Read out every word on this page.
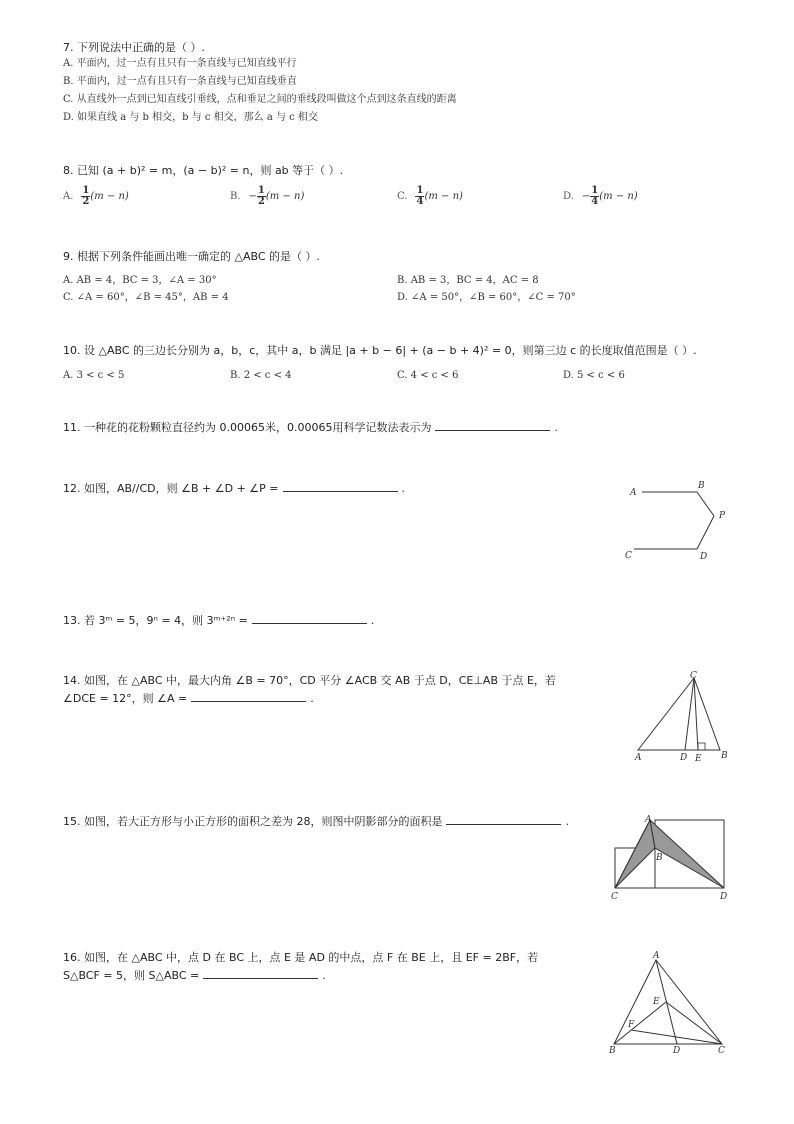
7. 下列说法中正确的是（ ）.
A. 平面内，过一点有且只有一条直线与已知直线平行
B. 平面内，过一点有且只有一条直线与已知直线垂直
C. 从直线外一点到已知直线引垂线，点和垂足之间的垂线段叫做这个点到这条直线的距离
D. 如果直线 a 与 b 相交，b 与 c 相交，那么 a 与 c 相交
8. 已知 (a + b)² = m，(a − b)² = n，则 ab 等于（ ）.
A. $\frac{1}{2} (m - n)$	B. − $\frac{1}{2} (m - n)$	C. $\frac{1}{4} (m - n)$	D. − $\frac{1}{4} (m - n)$
9. 根据下列条件能画出唯一确定的 △ABC 的是（ ）.
A. AB = 4，BC = 3，∠A = 30°	B. AB = 3，BC = 4，AC = 8
C. ∠A = 60°，∠B = 45°，AB = 4	D. ∠A = 50°，∠B = 60°，∠C = 70°
10. 设 △ABC 的三边长分别为 a，b，c，其中 a，b 满足 |a + b − 6| + (a − b + 4)² = 0，则第三边 c 的长度取值范围是（ ）.
A. 3 < c < 5	B. 2 < c < 4	C. 4 < c < 6	D. 5 < c < 6
11. 一种花的花粉颗粒直径约为 0.00065米，0.00065用科学记数法表示为	.
12. 如图，AB//CD，则 ∠B + ∠D + ∠P =	.	A
B
P
C	D
13. 若 3ᵐ = 5，9ⁿ = 4，则 3ᵐ⁺²ⁿ =	.
14. 如图，在 △ABC 中，最大内角 ∠B = 70°，CD 平分 ∠ACB 交 AB 于点 D，CE⊥AB 于点 E，若
∠DCE = 12°，则 ∠A =	.
A
C
D E B
15. 如图，若大正方形与小正方形的面积之差为 28，则图中阴影部分的面积是	.	A
B
C	D
16. 如图，在 △ABC 中，点 D 在 BC 上，点 E 是 AD 的中点，点 F 在 BE 上，且 EF = 2BF，若
S△BCF = 5，则 S△ABC =	.
A
E
F
B	D	C
